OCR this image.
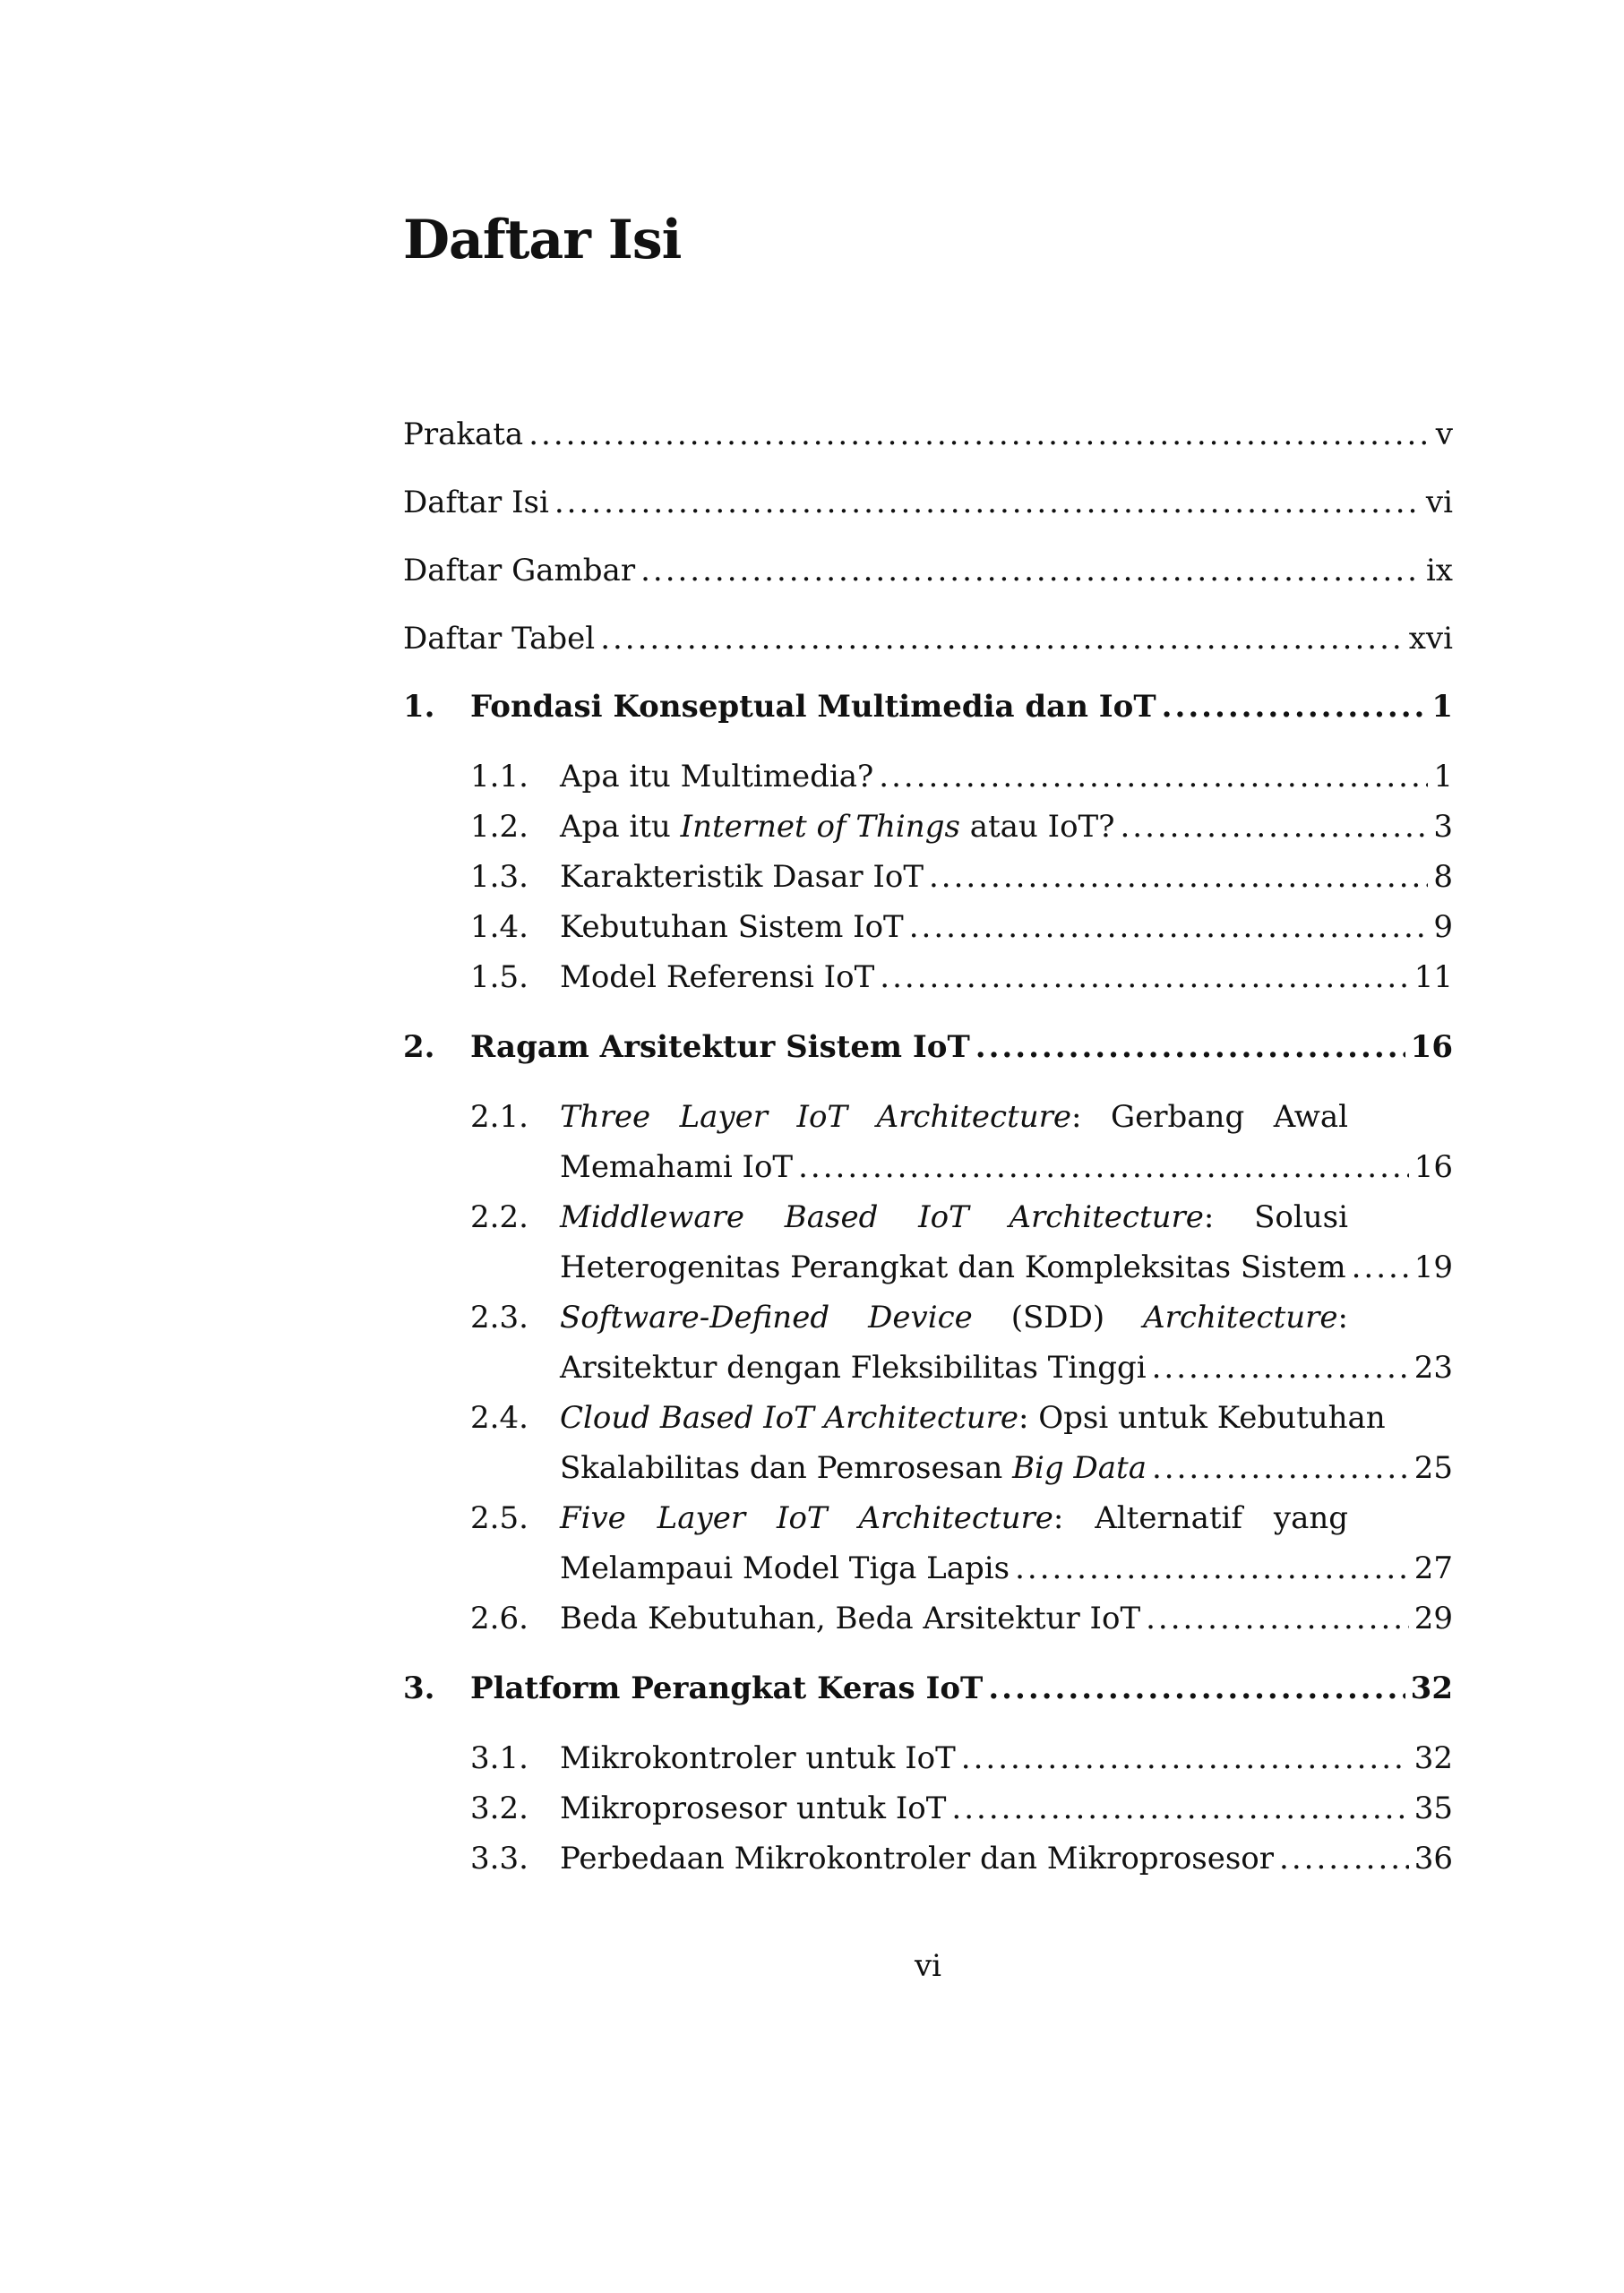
Daftar Isi
Prakata .....	v
Daftar Isi .....	vi
Daftar Gambar .....	ix
Daftar Tabel .....	xvi
1.	Fondasi Konseptual Multimedia dan IoT .....	1
1.1.	Apa itu Multimedia? .....	1
1.2.	Apa itu Internet of Things atau IoT? .....	3
1.3.	Karakteristik Dasar IoT .....	8
1.4.	Kebutuhan Sistem IoT .....	9
1.5.	Model Referensi IoT .....	11
2.	Ragam Arsitektur Sistem IoT .....	16
2.1.	Three Layer IoT Architecture: Gerbang Awal
Memahami IoT .....	16
2.2.	Middleware Based IoT Architecture: Solusi
Heterogenitas Perangkat dan Kompleksitas Sistem ..... 19
2.3.	Software-Defined Device (SDD) Architecture:
Arsitektur dengan Fleksibilitas Tinggi .....	23
2.4.	Cloud Based IoT Architecture: Opsi untuk Kebutuhan
Skalabilitas dan Pemrosesan Big Data .....	25
2.5.	Five Layer IoT Architecture: Alternatif yang
Melampaui Model Tiga Lapis .....	27
2.6.	Beda Kebutuhan, Beda Arsitektur IoT .....	29
3.	Platform Perangkat Keras IoT .....	32
3.1.	Mikrokontroler untuk IoT .....	32
3.2.	Mikroprosesor untuk IoT .....	35
3.3.	Perbedaan Mikrokontroler dan Mikroprosesor .....	36
vi
